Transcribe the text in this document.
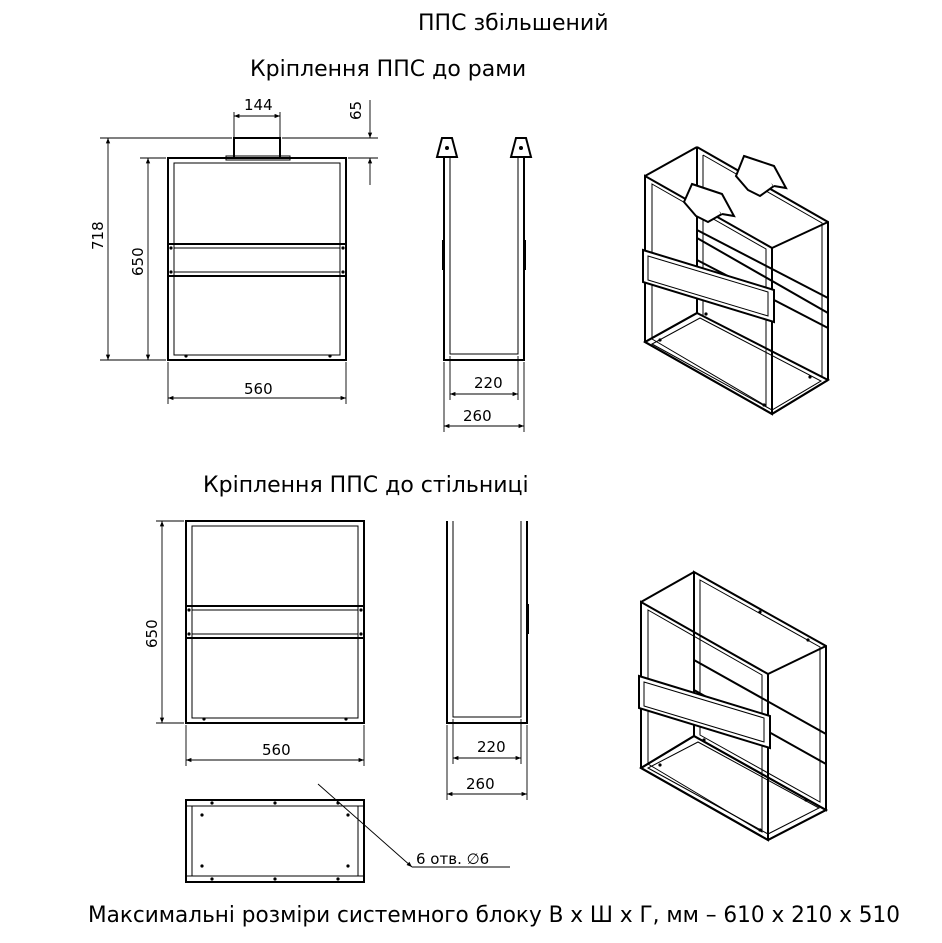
ППС збільшений
Кріплення ППС до рами
Кріплення ППС до стільниці
144	65
718
650
560	220
260
650
560	220
260
6 отв. ∅6
Максимальні розміри системного блоку В х Ш х Г, мм – 610 х 210 х 510
